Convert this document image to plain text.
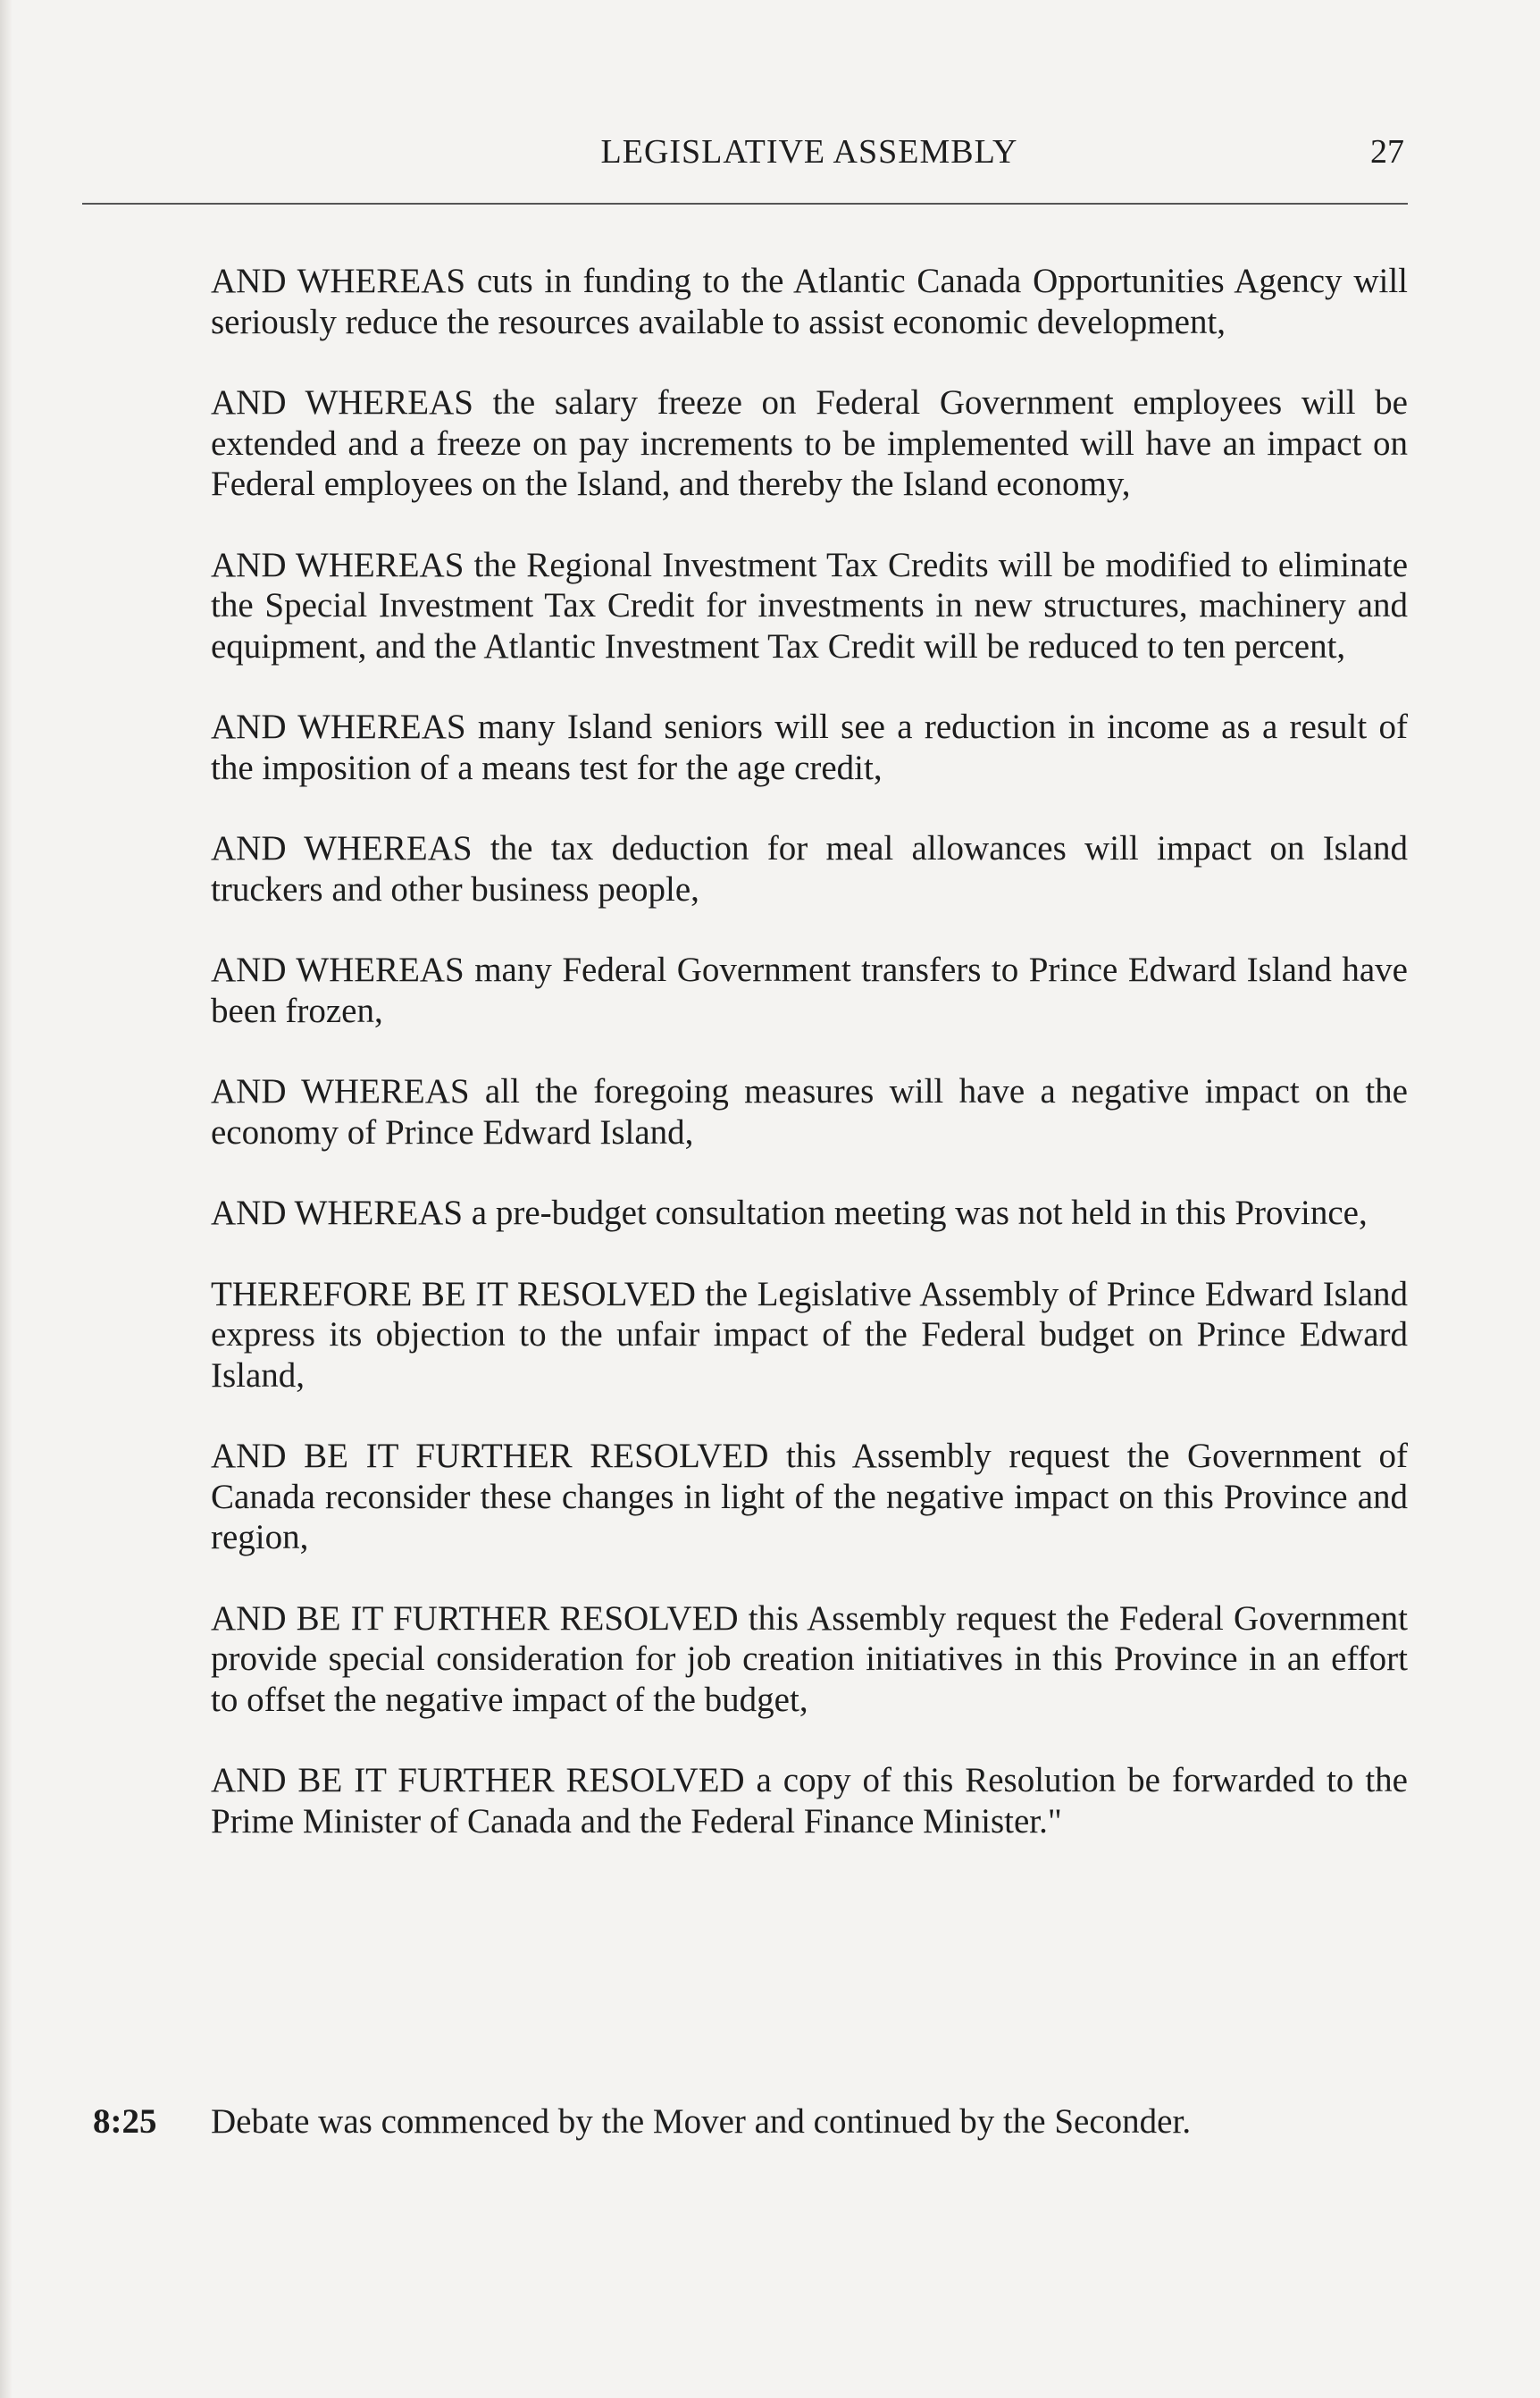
LEGISLATIVE ASSEMBLY	27

AND WHEREAS cuts in funding to the Atlantic Canada Opportunities Agency will seriously reduce the resources available to assist economic development,

AND WHEREAS the salary freeze on Federal Government employees will be extended and a freeze on pay increments to be implemented will have an impact on Federal employees on the Island, and thereby the Island economy,

AND WHEREAS the Regional Investment Tax Credits will be modified to eliminate the Special Investment Tax Credit for investments in new structures, machinery and equipment, and the Atlantic Investment Tax Credit will be reduced to ten percent,

AND WHEREAS many Island seniors will see a reduction in income as a result of the imposition of a means test for the age credit,

AND WHEREAS the tax deduction for meal allowances will impact on Island truckers and other business people,

AND WHEREAS many Federal Government transfers to Prince Edward Island have been frozen,

AND WHEREAS all the foregoing measures will have a negative impact on the economy of Prince Edward Island,

AND WHEREAS a pre-budget consultation meeting was not held in this Province,

THEREFORE BE IT RESOLVED the Legislative Assembly of Prince Edward Island express its objection to the unfair impact of the Federal budget on Prince Edward Island,

AND BE IT FURTHER RESOLVED this Assembly request the Government of Canada reconsider these changes in light of the negative impact on this Province and region,

AND BE IT FURTHER RESOLVED this Assembly request the Federal Government provide special consideration for job creation initiatives in this Province in an effort to offset the negative impact of the budget,

AND BE IT FURTHER RESOLVED a copy of this Resolution be forwarded to the Prime Minister of Canada and the Federal Finance Minister."

8:25 Debate was commenced by the Mover and continued by the Seconder.
